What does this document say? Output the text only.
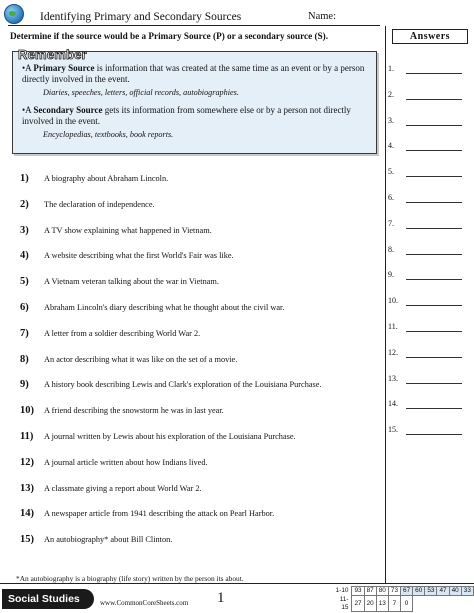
Identifying Primary and Secondary Sources	Name:
Determine if the source would be a Primary Source (P) or a secondary source (S).
Remember
•A Primary Source is information that was created at the same time as an event or by a person directly involved in the event.
Diaries, speeches, letters, official records, autobiographies.
•A Secondary Source gets its information from somewhere else or by a person not directly involved in the event.
Encyclopedias, textbooks, book reports.
1)	A biography about Abraham Lincoln.
2)	The declaration of independence.
3)	A TV show explaining what happened in Vietnam.
4)	A website describing what the first World's Fair was like.
5)	A Vietnam veteran talking about the war in Vietnam.
6)	Abraham Lincoln's diary describing what he thought about the civil war.
7)	A letter from a soldier describing World War 2.
8)	An actor describing what it was like on the set of a movie.
9)	A history book describing Lewis and Clark's exploration of the Louisiana Purchase.
10)	A friend describing the snowstorm he was in last year.
11)	A journal written by Lewis about his exploration of the Louisiana Purchase.
12)	A journal article written about how Indians lived.
13)	A classmate giving a report about World War 2.
14)	A newspaper article from 1941 describing the attack on Pearl Harbor.
15)	An autobiography* about Bill Clinton.
*An autobiography is a biography (life story) written by the person its about.
Answers
1.
2.
3.
4.
5.
6.
7.
8.
9.
10.
11.
12.
13.
14.
15.
Social Studies	www.CommonCoreSheets.com 1	1-10	93	87	80	73	67	60	53	47	40	33
11-15	27	20	13	7	0					
